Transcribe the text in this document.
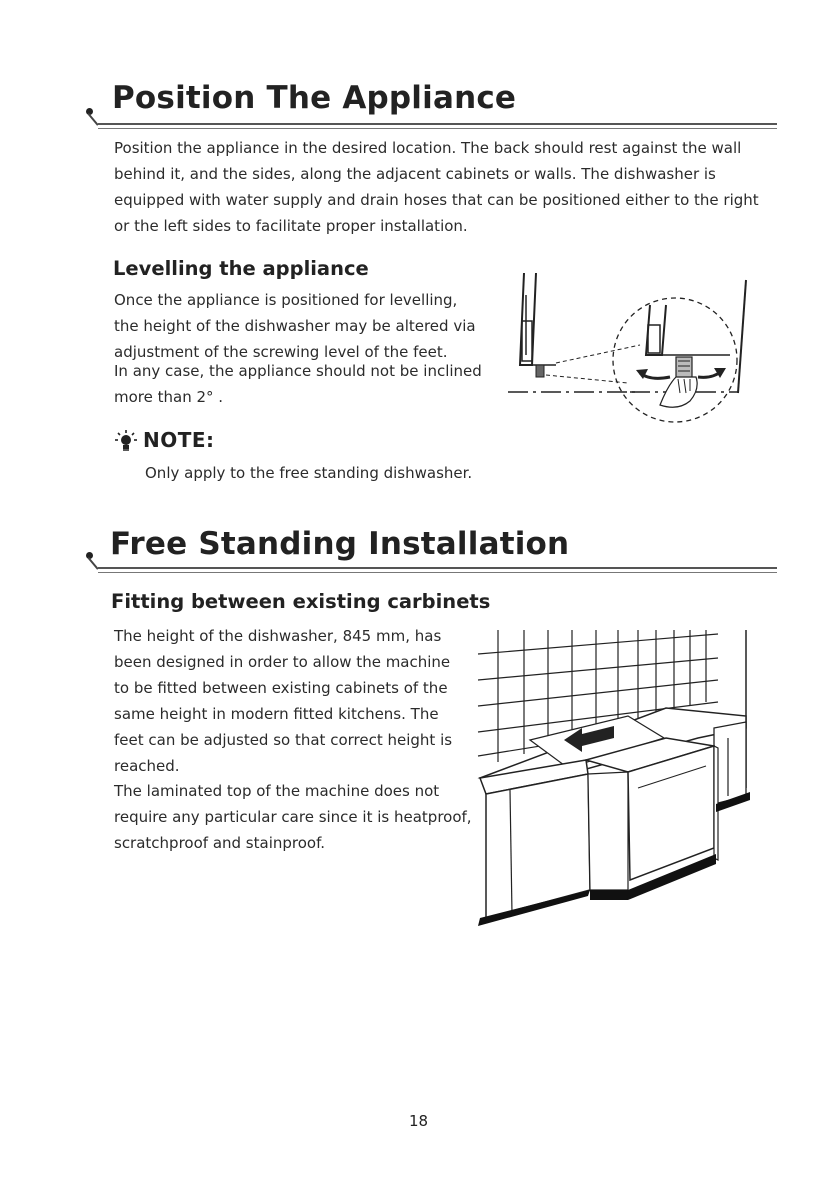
Position The Appliance
Position the appliance in the desired location. The back should rest against the wall behind it, and the sides, along the adjacent cabinets or walls. The dishwasher is equipped with water supply and drain hoses that can be positioned either to the right or the left sides to facilitate proper installation.
Levelling the appliance
Once the appliance is positioned for levelling, the height of the dishwasher may be altered via adjustment of the screwing level of the feet.
In any case, the appliance should not be inclined more than 2° .
NOTE:
Only apply to the free standing dishwasher.
Free Standing Installation
Fitting between existing carbinets
The height of the dishwasher, 845 mm, has been designed in order to allow the machine to be fitted between existing cabinets of the same height in modern fitted kitchens. The feet can be adjusted so that correct height is reached.
The laminated top of the machine does not require any particular care since it is heatproof, scratchproof and stainproof.
18
